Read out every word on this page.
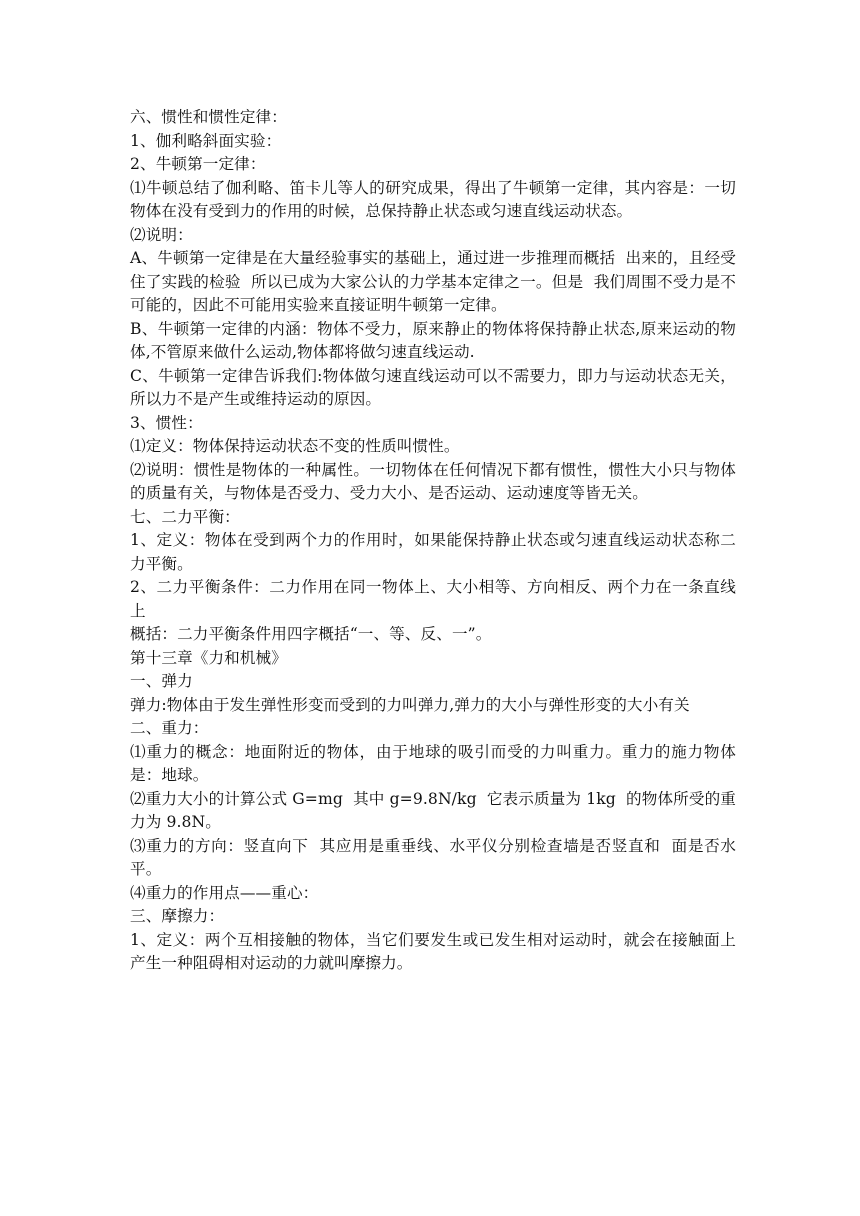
六、惯性和惯性定律：

1、伽利略斜面实验：

2、牛顿第一定律：

⑴牛顿总结了伽利略、笛卡儿等人的研究成果，得出了牛顿第一定律，其内容是：一切物体在没有受到力的作用的时候，总保持静止状态或匀速直线运动状态。

⑵说明：

A、牛顿第一定律是在大量经验事实的基础上，通过进一步推理而概括  出来的，且经受住了实践的检验  所以已成为大家公认的力学基本定律之一。但是  我们周围不受力是不可能的，因此不可能用实验来直接证明牛顿第一定律。

B、牛顿第一定律的内涵：物体不受力，原来静止的物体将保持静止状态,原来运动的物体,不管原来做什么运动,物体都将做匀速直线运动.

C、牛顿第一定律告诉我们:物体做匀速直线运动可以不需要力，即力与运动状态无关，所以力不是产生或维持运动的原因。

3、惯性：

⑴定义：物体保持运动状态不变的性质叫惯性。

⑵说明：惯性是物体的一种属性。一切物体在任何情况下都有惯性，惯性大小只与物体的质量有关，与物体是否受力、受力大小、是否运动、运动速度等皆无关。

七、二力平衡：

1、定义：物体在受到两个力的作用时，如果能保持静止状态或匀速直线运动状态称二力平衡。

2、二力平衡条件：二力作用在同一物体上、大小相等、方向相反、两个力在一条直线上

概括：二力平衡条件用四字概括“一、等、反、一”。

第十三章《力和机械》

一、弹力

弹力:物体由于发生弹性形变而受到的力叫弹力,弹力的大小与弹性形变的大小有关

二、重力：

⑴重力的概念：地面附近的物体，由于地球的吸引而受的力叫重力。重力的施力物体是：地球。

⑵重力大小的计算公式 G=mg  其中 g=9.8N/kg  它表示质量为 1kg  的物体所受的重力为 9.8N。

⑶重力的方向：竖直向下  其应用是重垂线、水平仪分别检查墙是否竖直和  面是否水平。

⑷重力的作用点——重心：

三、摩擦力：

1、定义：两个互相接触的物体，当它们要发生或已发生相对运动时，就会在接触面上产生一种阻碍相对运动的力就叫摩擦力。
